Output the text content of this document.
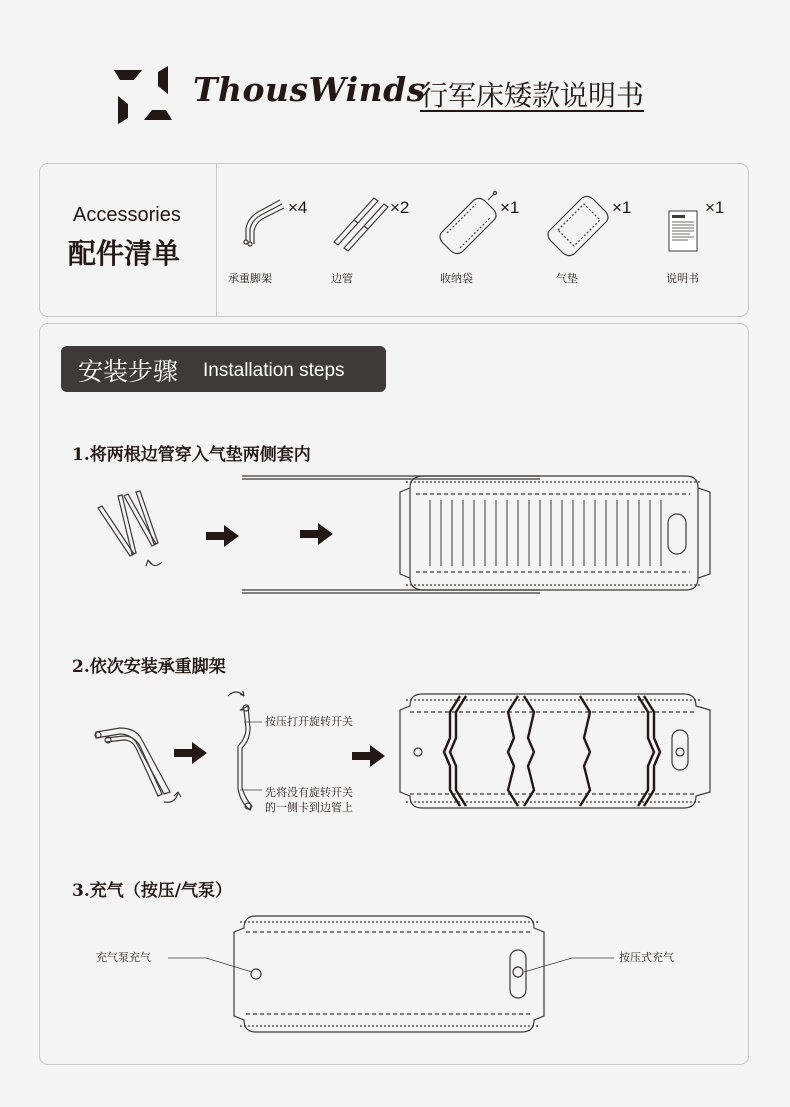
ThousWinds
行军床矮款说明书
Accessories
配件清单
×4
承重脚架
×2
边管
×1
收纳袋
×1
气垫
×1
说明书
安装步骤 Installation steps
1.将两根边管穿入气垫两侧套内
2.依次安装承重脚架
按压打开旋转开关
先将没有旋转开关
的一侧卡到边管上
3.充气（按压/气泵）
充气泵充气	按压式充气
